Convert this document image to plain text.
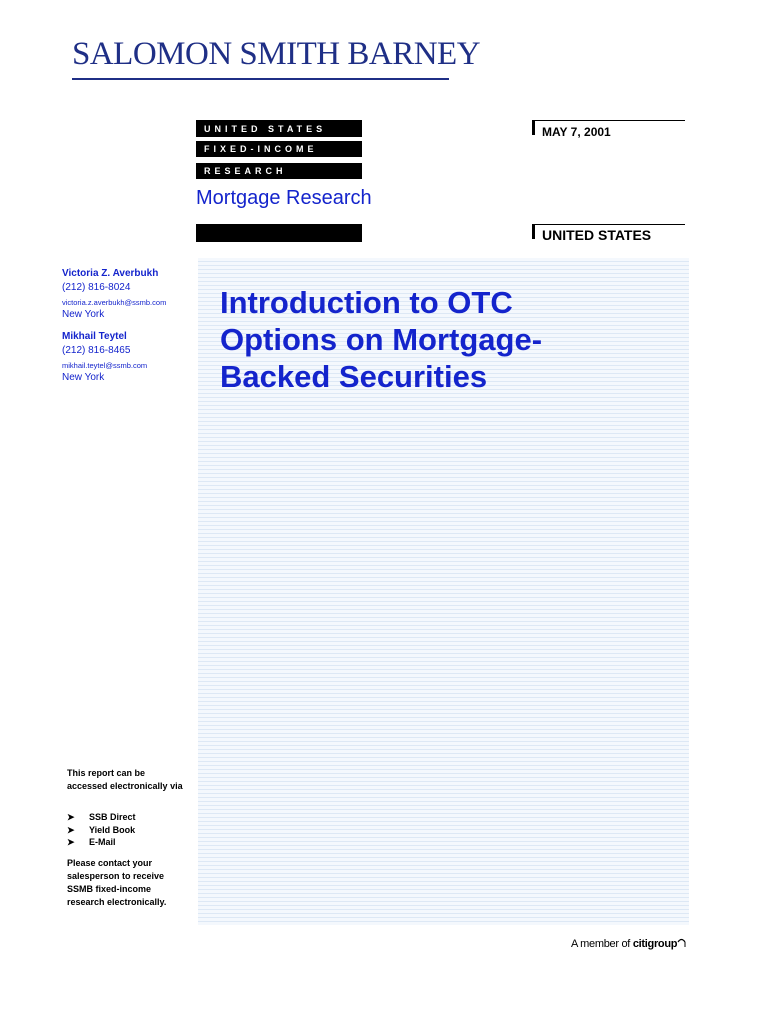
SALOMON SMITH BARNEY
UNITED STATES
FIXED-INCOME
RESEARCH
Mortgage Research
MAY 7, 2001
UNITED STATES
Victoria Z. Averbukh
(212) 816-8024
victoria.z.averbukh@ssmb.com
New York
Mikhail Teytel
(212) 816-8465
mikhail.teytel@ssmb.com
New York
Introduction to OTC
Options on Mortgage-
Backed Securities
This report can be accessed electronically via
➤ SSB Direct
➤ Yield Book
➤ E-Mail
Please contact your salesperson to receive SSMB fixed-income research electronically.
A member of citigroup
